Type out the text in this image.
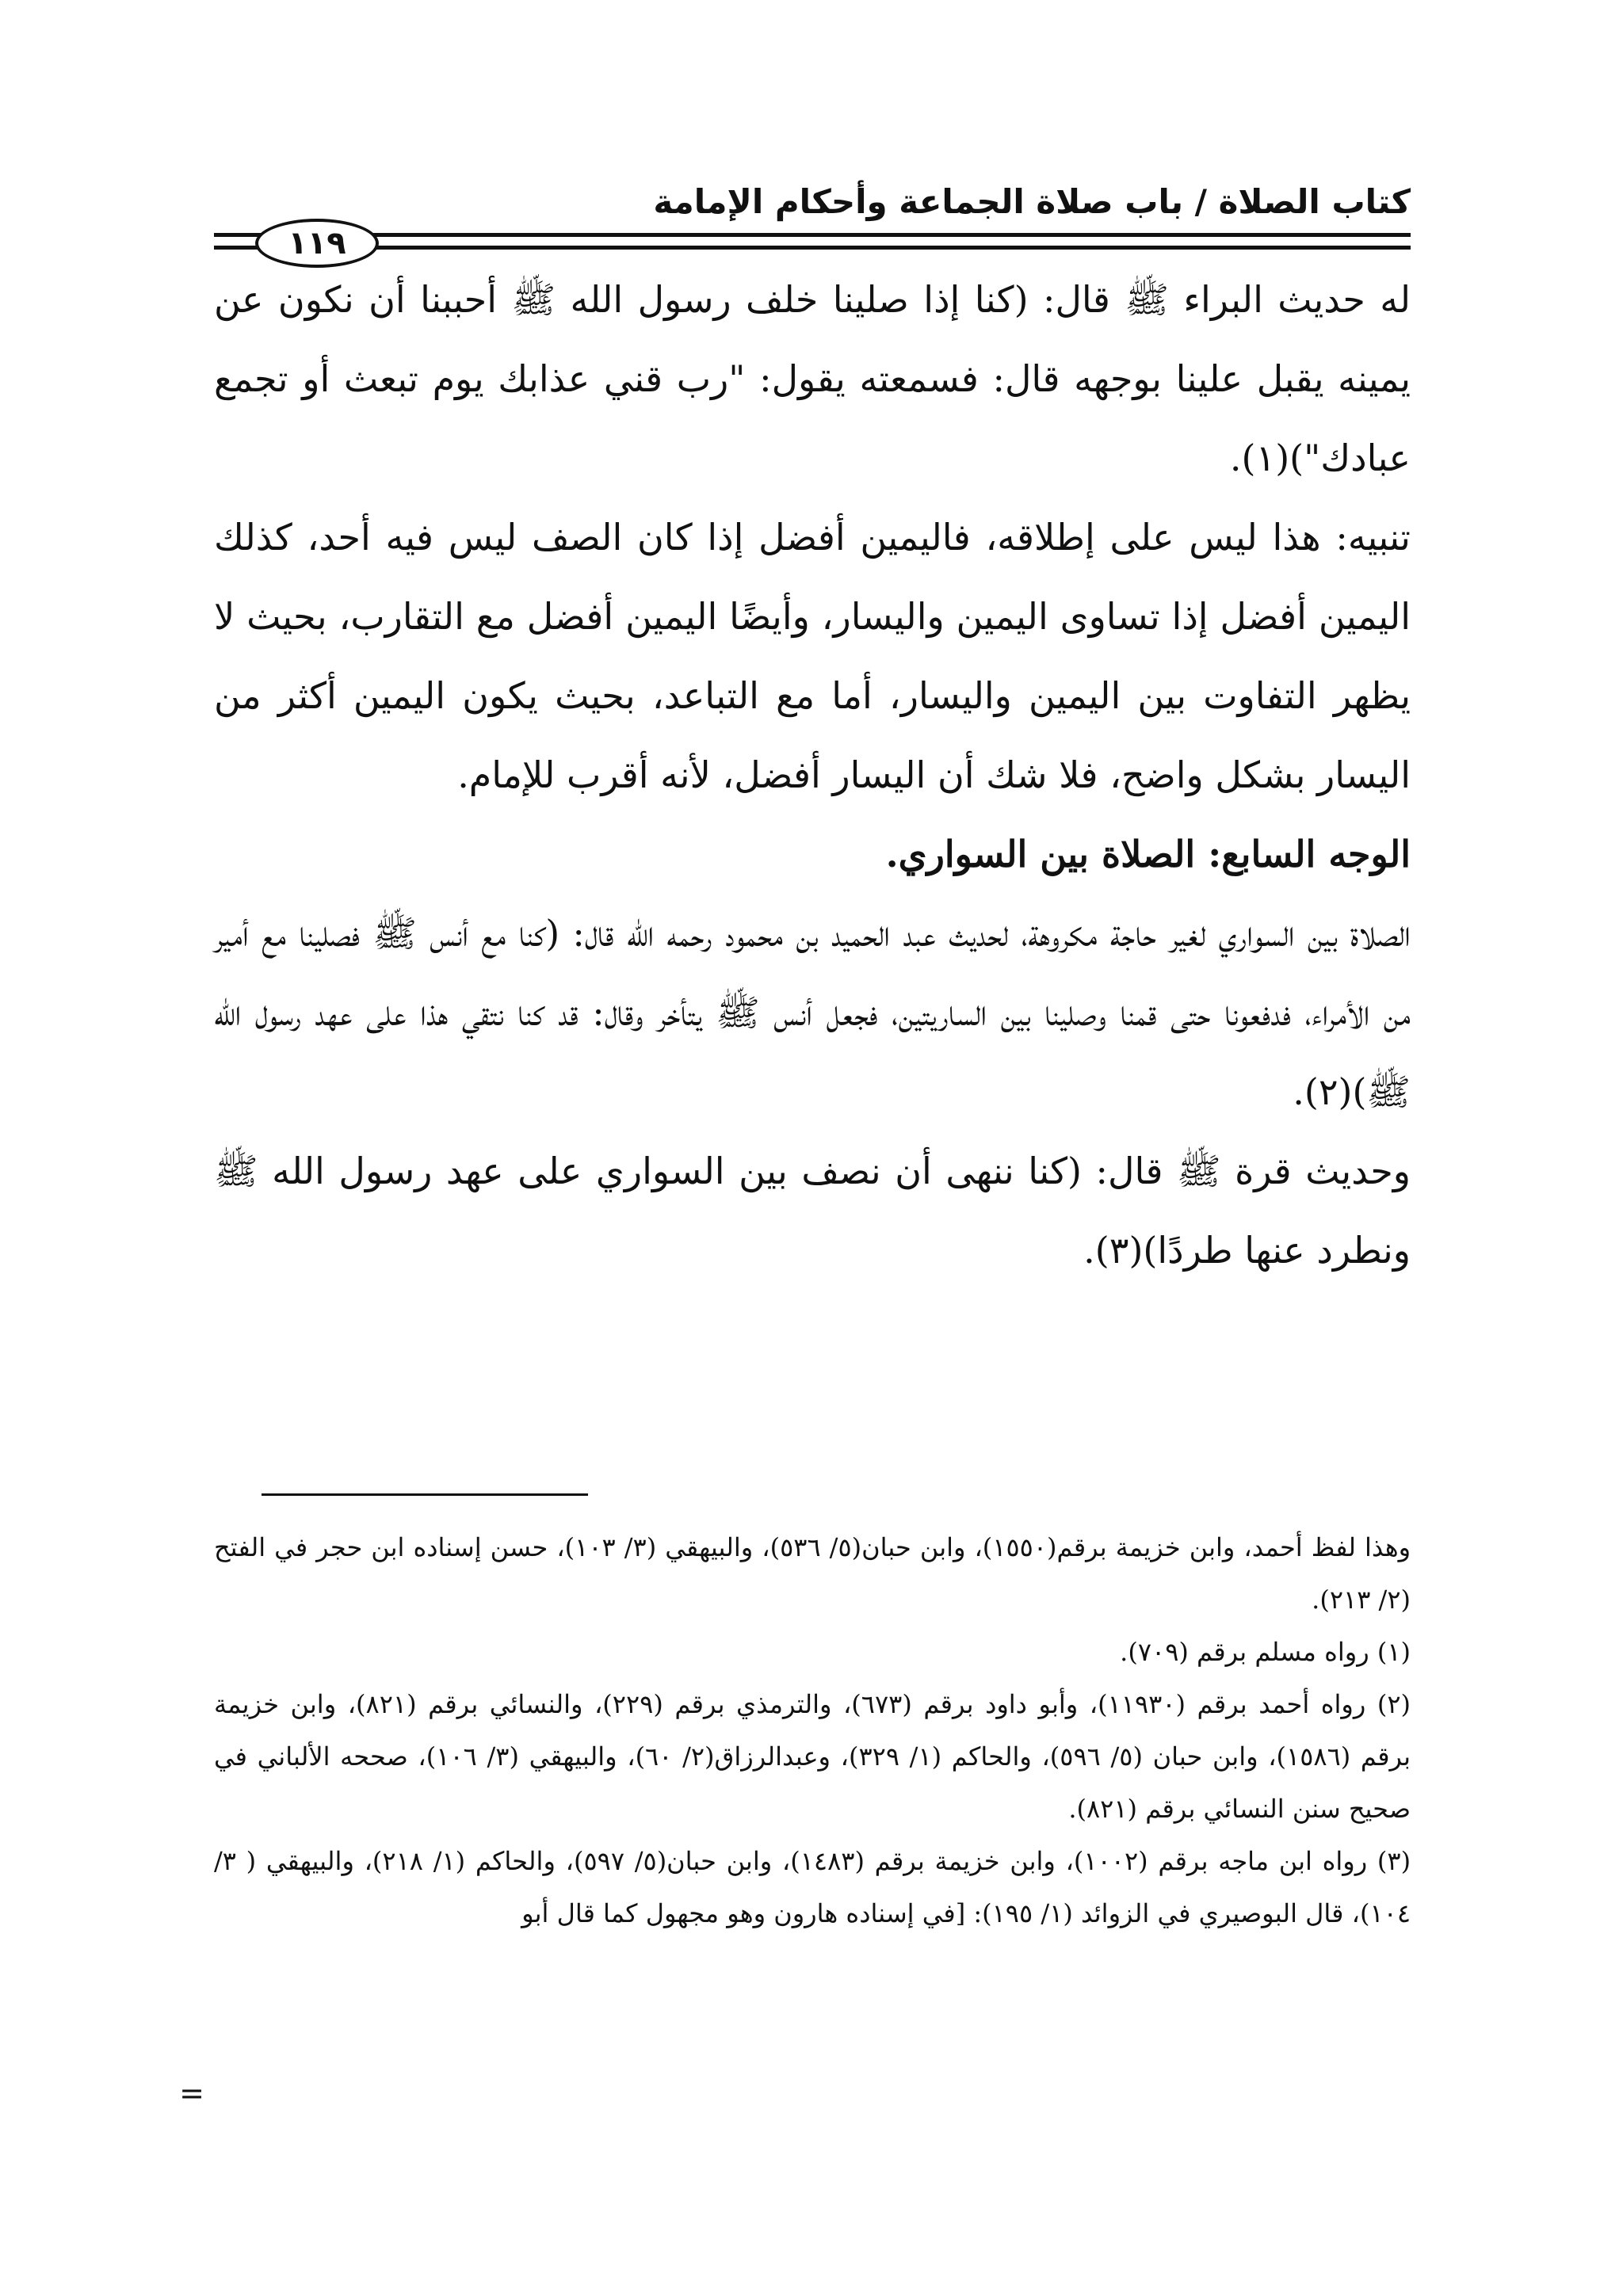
كتاب الصلاة / باب صلاة الجماعة وأحكام الإمامة
١١٩

له حديث البراء ﷺ قال: (كنا إذا صلينا خلف رسول الله ﷺ أحببنا أن نكون عن يمينه يقبل علينا بوجهه قال: فسمعته يقول: "رب قني عذابك يوم تبعث أو تجمع عبادك")(١).

تنبيه: هذا ليس على إطلاقه، فاليمين أفضل إذا كان الصف ليس فيه أحد، كذلك اليمين أفضل إذا تساوى اليمين واليسار، وأيضًا اليمين أفضل مع التقارب، بحيث لا يظهر التفاوت بين اليمين واليسار، أما مع التباعد، بحيث يكون اليمين أكثر من اليسار بشكل واضح، فلا شك أن اليسار أفضل، لأنه أقرب للإمام.

الوجه السابع: الصلاة بين السواري.

الصلاة بين السواري لغير حاجة مكروهة، لحديث عبد الحميد بن محمود رحمه الله قال: (كنا مع أنس ﷺ فصلينا مع أمير من الأمراء، فدفعونا حتى قمنا وصلينا بين الساريتين، فجعل أنس ﷺ يتأخر وقال: قد كنا نتقي هذا على عهد رسول الله ﷺ)(٢).

وحديث قرة ﷺ قال: (كنا ننهى أن نصف بين السواري على عهد رسول الله ﷺ ونطرد عنها طردًا)(٣).

وهذا لفظ أحمد، وابن خزيمة برقم(١٥٥٠)، وابن حبان(٥/ ٥٣٦)، والبيهقي (٣/ ١٠٣)، حسن إسناده ابن حجر في الفتح (٢/ ٢١٣).

(١) رواه مسلم برقم (٧٠٩).

(٢) رواه أحمد برقم (١١٩٣٠)، وأبو داود برقم (٦٧٣)، والترمذي برقم (٢٢٩)، والنسائي برقم (٨٢١)، وابن خزيمة برقم (١٥٨٦)، وابن حبان (٥/ ٥٩٦)، والحاكم (١/ ٣٢٩)، وعبدالرزاق(٢/ ٦٠)، والبيهقي (٣/ ١٠٦)، صححه الألباني في صحيح سنن النسائي برقم (٨٢١).

(٣) رواه ابن ماجه برقم (١٠٠٢)، وابن خزيمة برقم (١٤٨٣)، وابن حبان(٥/ ٥٩٧)، والحاكم (١/ ٢١٨)، والبيهقي ( ٣/ ١٠٤)، قال البوصيري في الزوائد (١/ ١٩٥): [في إسناده هارون وهو مجهول كما قال أبو

=
